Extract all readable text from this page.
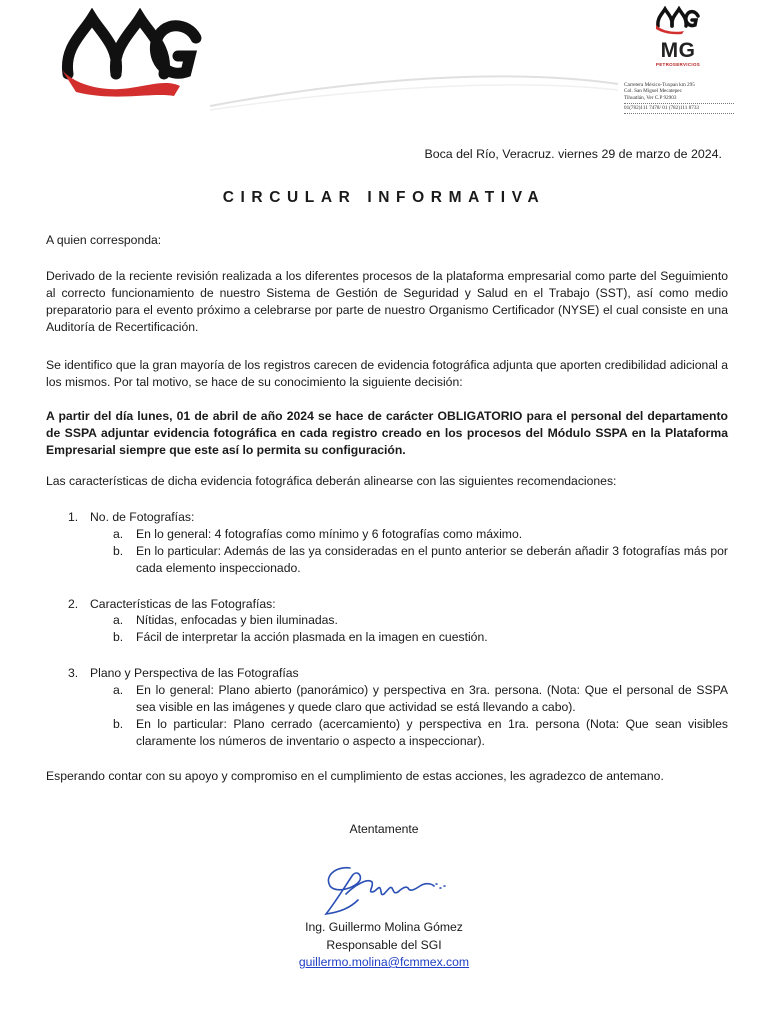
MG
PETROSERVICIOS
Carretera México-Tuxpan km 295
Col. San Miguel Mecatepec
Tihuatlán, Ver C.P 92903
01(782)111 7478/ 01 (782)111 8733
Boca del Río, Veracruz. viernes 29 de marzo de 2024.
CIRCULAR INFORMATIVA
A quien corresponda:
Derivado de la reciente revisión realizada a los diferentes procesos de la plataforma empresarial como parte del Seguimiento al correcto funcionamiento de nuestro Sistema de Gestión de Seguridad y Salud en el Trabajo (SST), así como medio preparatorio para el evento próximo a celebrarse por parte de nuestro Organismo Certificador (NYSE) el cual consiste en una Auditoría de Recertificación.
Se identifico que la gran mayoría de los registros carecen de evidencia fotográfica adjunta que aporten credibilidad adicional a los mismos. Por tal motivo, se hace de su conocimiento la siguiente decisión:
A partir del día lunes, 01 de abril de año 2024 se hace de carácter OBLIGATORIO para el personal del departamento de SSPA adjuntar evidencia fotográfica en cada registro creado en los procesos del Módulo SSPA en la Plataforma Empresarial siempre que este así lo permita su configuración.
Las características de dicha evidencia fotográfica deberán alinearse con las siguientes recomendaciones:
1. No. de Fotografías:
a. En lo general: 4 fotografías como mínimo y 6 fotografías como máximo.
b. En lo particular: Además de las ya consideradas en el punto anterior se deberán añadir 3 fotografías más por cada elemento inspeccionado.
2. Características de las Fotografías:
a. Nítidas, enfocadas y bien iluminadas.
b. Fácil de interpretar la acción plasmada en la imagen en cuestión.
3. Plano y Perspectiva de las Fotografías
a. En lo general: Plano abierto (panorámico) y perspectiva en 3ra. persona. (Nota: Que el personal de SSPA sea visible en las imágenes y quede claro que actividad se está llevando a cabo).
b. En lo particular: Plano cerrado (acercamiento) y perspectiva en 1ra. persona (Nota: Que sean visibles claramente los números de inventario o aspecto a inspeccionar).
Esperando contar con su apoyo y compromiso en el cumplimiento de estas acciones, les agradezco de antemano.
Atentamente
Ing. Guillermo Molina Gómez
Responsable del SGI
guillermo.molina@fcmmex.com
